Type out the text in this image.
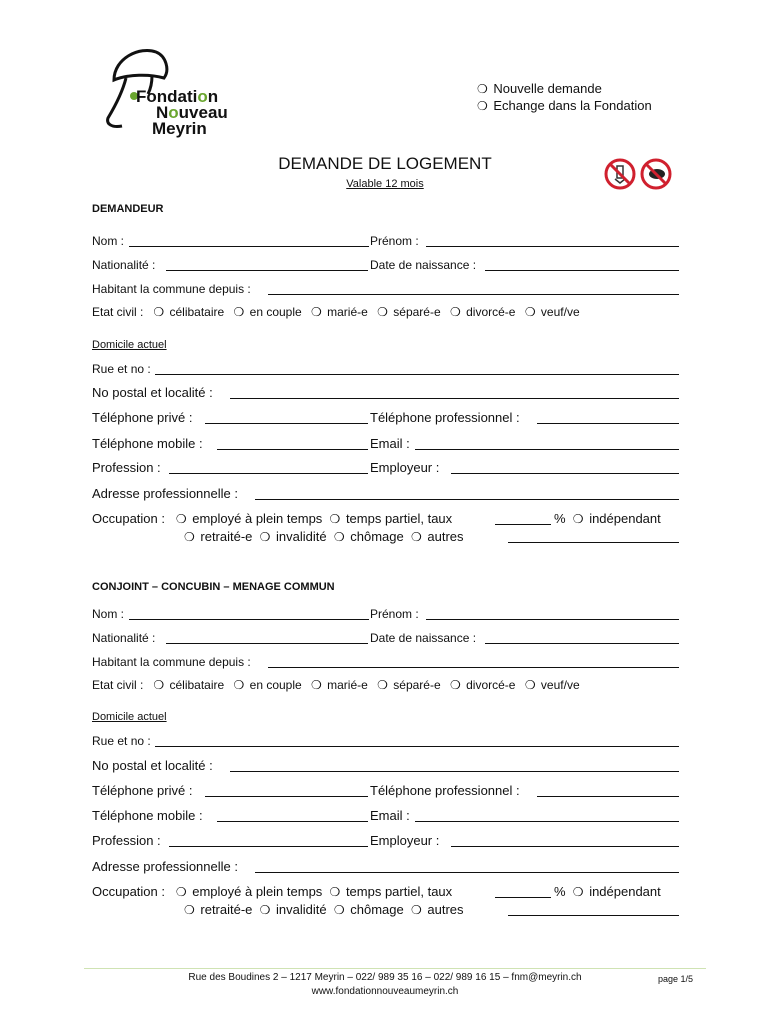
Fondation
Nouveau
Meyrin
❍ Nouvelle demande
❍ Echange dans la Fondation
DEMANDE DE LOGEMENT
Valable 12 mois
DEMANDEUR
Nom :	Prénom :
Nationalité :	Date de naissance :
Habitant la commune depuis :
Etat civil : ❍ célibataire ❍ en couple ❍ marié-e ❍ séparé-e ❍ divorcé-e ❍ veuf/ve
Domicile actuel
Rue et no :
No postal et localité :
Téléphone privé :	Téléphone professionnel :
Téléphone mobile :	Email :
Profession :	Employeur :
Adresse professionnelle :
Occupation : ❍ employé à plein temps ❍ temps partiel, taux	% ❍ indépendant
❍ retraité-e ❍ invalidité ❍ chômage ❍ autres
CONJOINT – CONCUBIN – MENAGE COMMUN
Nom :	Prénom :
Nationalité :	Date de naissance :
Habitant la commune depuis :
Etat civil : ❍ célibataire ❍ en couple ❍ marié-e ❍ séparé-e ❍ divorcé-e ❍ veuf/ve
Domicile actuel
Rue et no :
No postal et localité :
Téléphone privé :	Téléphone professionnel :
Téléphone mobile :	Email :
Profession :	Employeur :
Adresse professionnelle :
Occupation : ❍ employé à plein temps ❍ temps partiel, taux	% ❍ indépendant
❍ retraité-e ❍ invalidité ❍ chômage ❍ autres
Rue des Boudines 2 – 1217 Meyrin – 022/ 989 35 16 – 022/ 989 16 15 – fnm@meyrin.ch
www.fondationnouveaumeyrin.ch
page 1/5
